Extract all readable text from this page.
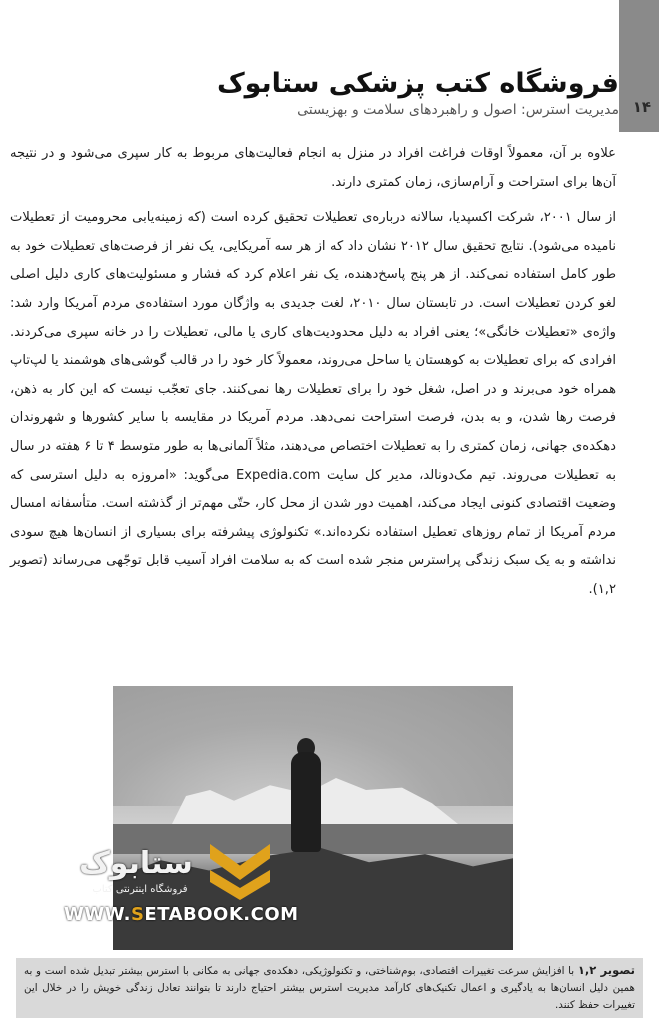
۱۴
فروشگاه کتب پزشکی ستابوک
مدیریت استرس: اصول و راهبردهای سلامت و بهزیستی

علاوه بر آن، معمولاً اوقات فراغت افراد در منزل به انجام فعالیت‌های مربوط به کار سپری می‌شود و در نتیجه آن‌ها برای استراحت و آرام‌سازی، زمان کمتری دارند.

از سال ۲۰۰۱، شرکت اکسپدیا، سالانه درباره‌ی تعطیلات تحقیق کرده است (که زمینه‌یابی محرومیت از تعطیلات نامیده می‌شود). نتایج تحقیق سال ۲۰۱۲ نشان داد که از هر سه آمریکایی، یک نفر از فرصت‌های تعطیلات خود به طور کامل استفاده نمی‌کند. از هر پنج پاسخ‌دهنده، یک نفر اعلام کرد که فشار و مسئولیت‌های کاری دلیل اصلی لغو کردن تعطیلات است. در تابستان سال ۲۰۱۰، لغت جدیدی به واژگان مورد استفاده‌ی مردم آمریکا وارد شد: واژه‌ی «تعطیلات خانگی»؛ یعنی افراد به دلیل محدودیت‌های کاری یا مالی، تعطیلات را در خانه سپری می‌کردند. افرادی که برای تعطیلات به کوهستان یا ساحل می‌روند، معمولاً کار خود را در قالب گوشی‌های هوشمند یا لپ‌تاپ همراه خود می‌برند و در اصل، شغل خود را برای تعطیلات رها نمی‌کنند. جای تعجّب نیست که این کار به ذهن، فرصت رها شدن، و به بدن، فرصت استراحت نمی‌دهد. مردم آمریکا در مقایسه با سایر کشورها و شهروندان دهکده‌ی جهانی، زمان کمتری را به تعطیلات اختصاص می‌دهند، مثلاً آلمانی‌ها به طور متوسط ۴ تا ۶ هفته در سال به تعطیلات می‌روند. تیم مک‌دونالد، مدیر کل سایت Expedia.com می‌گوید: «امروزه به دلیل استرسی که وضعیت اقتصادی کنونی ایجاد می‌کند، اهمیت دور شدن از محل کار، حتّی مهم‌تر از گذشته است. متأسفانه امسال مردم آمریکا از تمام روزهای تعطیل استفاده نکرده‌اند.» تکنولوژی پیشرفته برای بسیاری از انسان‌ها هیچ سودی نداشته و به یک سبک زندگی پراسترس منجر شده است که به سلامت افراد آسیب قابل توجّهی می‌رساند (تصویر ۱,۲).

ستابوک
فروشگاه اینترنتی کتاب
WWW.SETABOOK.COM
تصویر ۱,۲ با افزایش سرعت تغییرات اقتصادی، بوم‌شناختی، و تکنولوژیکی، دهکده‌ی جهانی به مکانی با استرس بیشتر تبدیل شده است و به همین دلیل انسان‌ها به یادگیری و اعمال تکنیک‌های کارآمد مدیریت استرس بیشتر احتیاج دارند تا بتوانند تعادل زندگی خویش را در خلال این تغییرات حفظ کنند.
